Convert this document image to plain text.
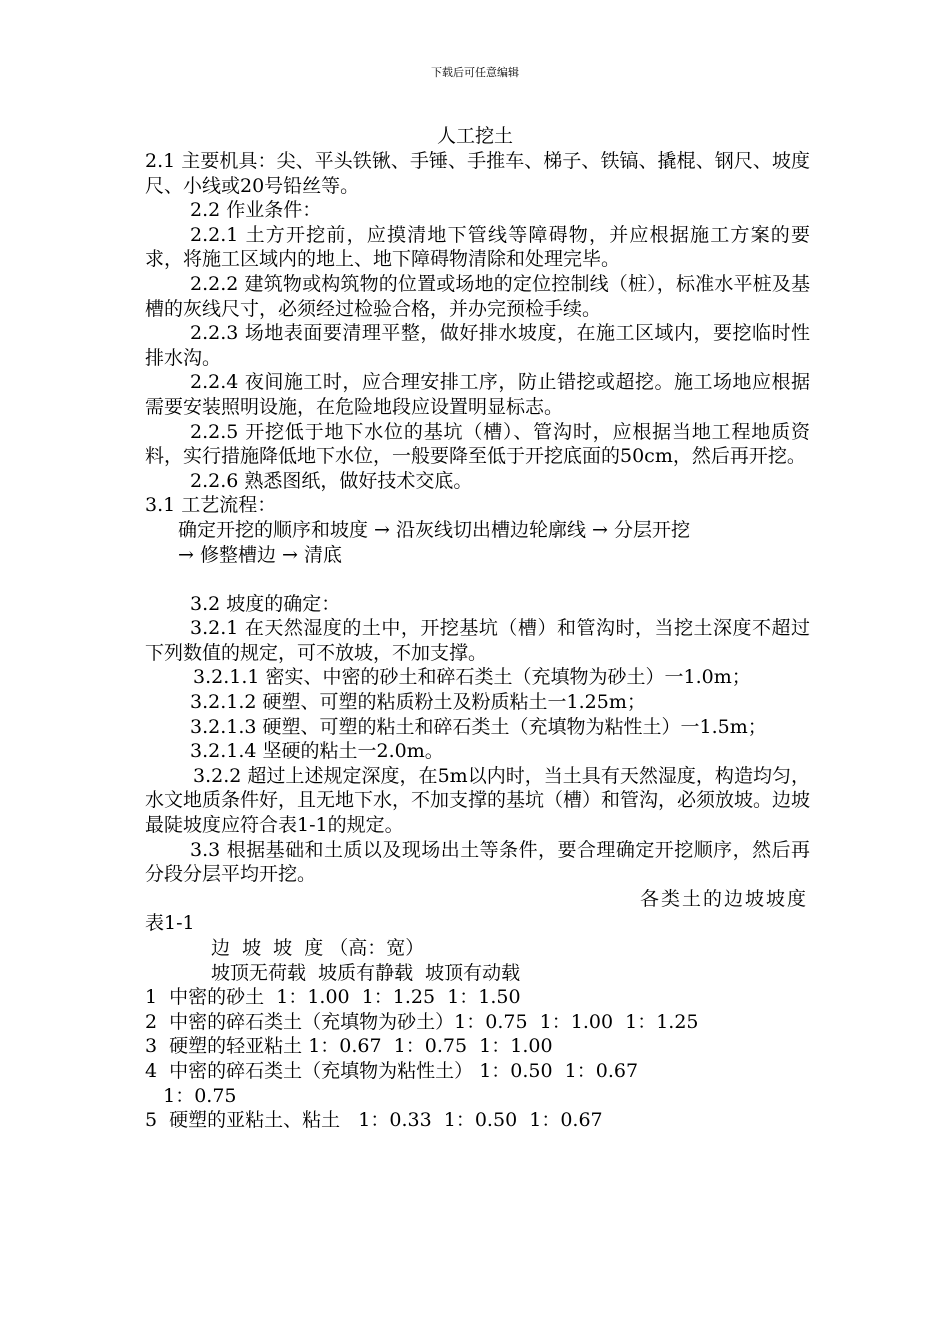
下载后可任意编辑
人工挖土

2.1 主要机具：尖、平头铁锹、手锤、手推车、梯子、铁镐、撬棍、钢尺、坡度尺、小线或20号铅丝等。

2.2 作业条件：

2.2.1 土方开挖前，应摸清地下管线等障碍物，并应根据施工方案的要求，将施工区域内的地上、地下障碍物清除和处理完毕。

2.2.2 建筑物或构筑物的位置或场地的定位控制线（桩），标准水平桩及基槽的灰线尺寸，必须经过检验合格，并办完预检手续。

2.2.3 场地表面要清理平整，做好排水坡度，在施工区域内，要挖临时性排水沟。

2.2.4 夜间施工时，应合理安排工序，防止错挖或超挖。施工场地应根据需要安装照明设施，在危险地段应设置明显标志。

2.2.5 开挖低于地下水位的基坑（槽）、管沟时，应根据当地工程地质资料，实行措施降低地下水位，一般要降至低于开挖底面的50cm，然后再开挖。

2.2.6 熟悉图纸，做好技术交底。

3.1 工艺流程：

确定开挖的顺序和坡度 → 沿灰线切出槽边轮廓线 → 分层开挖

→ 修整槽边 → 清底

3.2 坡度的确定：

3.2.1 在天然湿度的土中，开挖基坑（槽）和管沟时，当挖土深度不超过下列数值的规定，可不放坡，不加支撑。

3.2.1.1 密实、中密的砂土和碎石类土（充填物为砂土）一1.0m；

3.2.1.2 硬塑、可塑的粘质粉土及粉质粘土一1.25m；

3.2.1.3 硬塑、可塑的粘土和碎石类土（充填物为粘性土）一1.5m；

3.2.1.4 坚硬的粘土一2.0m。

3.2.2 超过上述规定深度，在5m以内时，当土具有天然湿度，构造均匀，水文地质条件好，且无地下水，不加支撑的基坑（槽）和管沟，必须放坡。边坡最陡坡度应符合表1-1的规定。

3.3 根据基础和土质以及现场出土等条件，要合理确定开挖顺序，然后再分段分层平均开挖。

各类土的边坡坡度

表1-1

边  坡  坡  度 （高：宽）

坡顶无荷载  坡质有静载  坡顶有动载

1  中密的砂土  1：1.00  1：1.25  1：1.50

2  中密的碎石类土（充填物为砂土）1：0.75  1：1.00  1：1.25

3  硬塑的轻亚粘土 1：0.67  1：0.75  1：1.00

4  中密的碎石类土（充填物为粘性土） 1：0.50  1：0.67

1：0.75

5  硬塑的亚粘土、粘土   1：0.33  1：0.50  1：0.67
